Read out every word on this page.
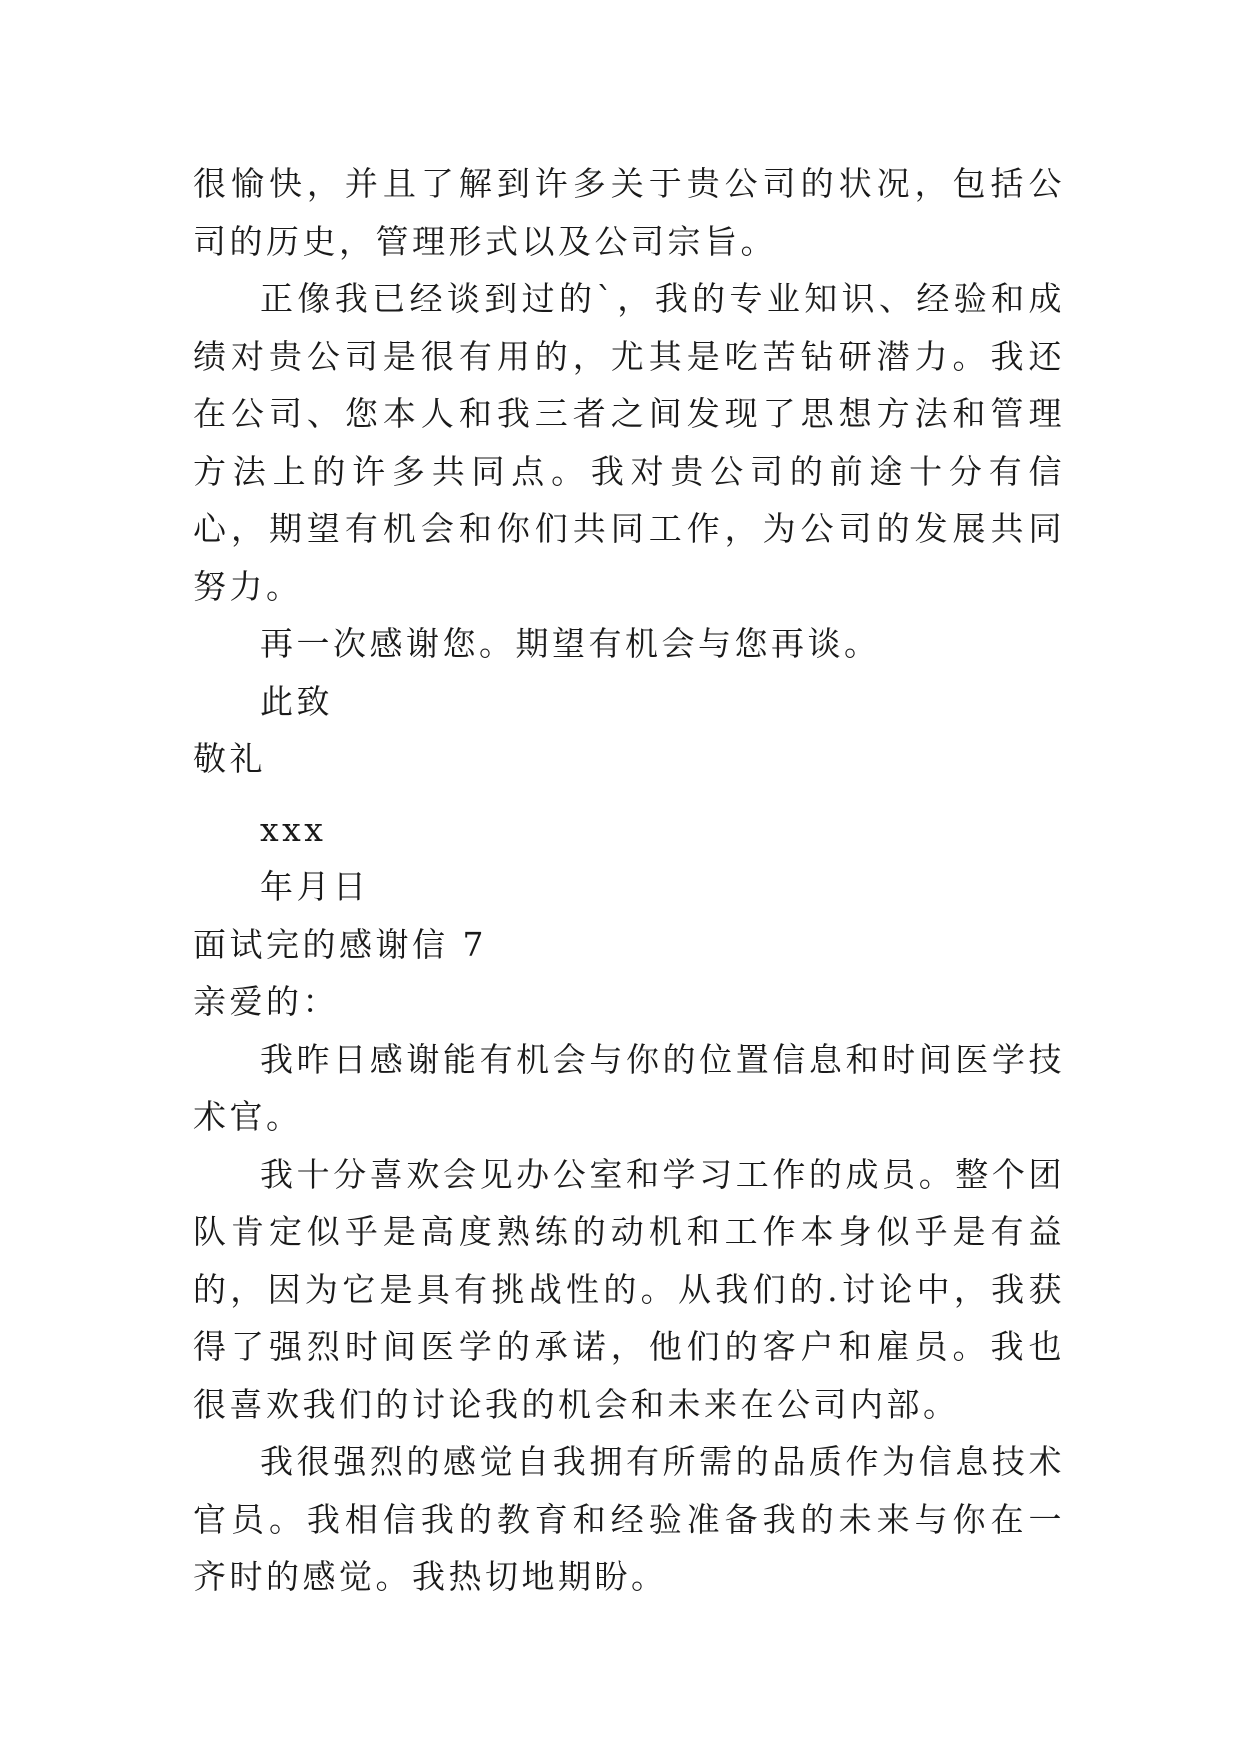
很愉快，并且了解到许多关于贵公司的状况，包括公司的历史，管理形式以及公司宗旨。

正像我已经谈到过的`，我的专业知识、经验和成绩对贵公司是很有用的，尤其是吃苦钻研潜力。我还在公司、您本人和我三者之间发现了思想方法和管理方法上的许多共同点。我对贵公司的前途十分有信心，期望有机会和你们共同工作，为公司的发展共同努力。

再一次感谢您。期望有机会与您再谈。

此致

敬礼

xxx

年月日

面试完的感谢信 7

亲爱的：

我昨日感谢能有机会与你的位置信息和时间医学技术官。

我十分喜欢会见办公室和学习工作的成员。整个团队肯定似乎是高度熟练的动机和工作本身似乎是有益的，因为它是具有挑战性的。从我们的.讨论中，我获得了强烈时间医学的承诺，他们的客户和雇员。我也很喜欢我们的讨论我的机会和未来在公司内部。

我很强烈的感觉自我拥有所需的品质作为信息技术官员。我相信我的教育和经验准备我的未来与你在一齐时的感觉。我热切地期盼。
